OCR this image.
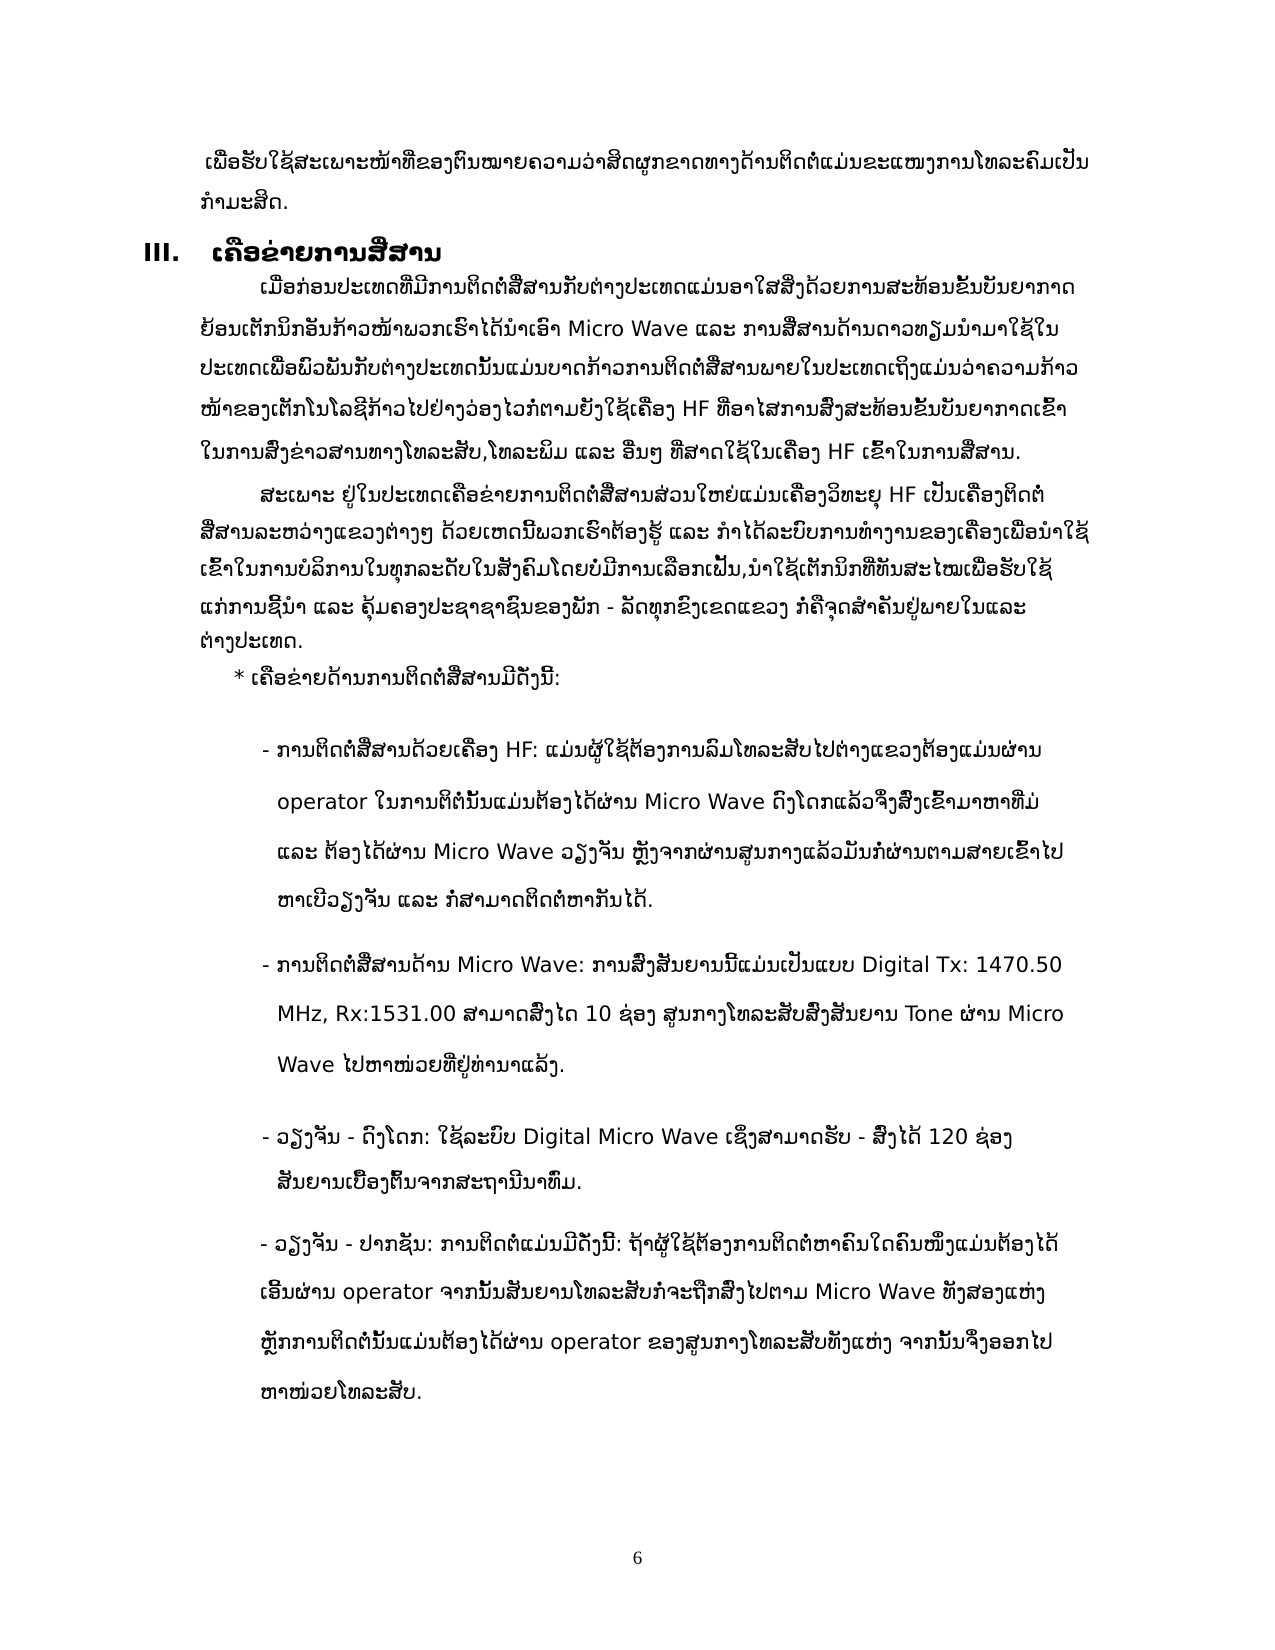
ເພື່ອຮັບໃຊ້ສະເພາະໜ້າທີ່ຂອງຕົນໝາຍຄວາມວ່າສິດຜູກຂາດທາງດ້ານຕິດຕໍ່ແມ່ນຂະແໜງການໂທລະຄົມເປັນ
ກຳມະສິດ.
III. ເຄືອຂ່າຍການສື່ສານ
ເມື່ອກ່ອນປະເທດທີ່ມີການຕິດຕໍ່ສື່ສານກັບຕ່າງປະເທດແມ່ນອາໃສສິ່ງດ້ວຍການສະທ້ອນຂັ້ນບັນຍາກາດ
ຍ້ອນເຕັກນິກອັນກ້າວໜ້າພວກເຮົາໄດ້ນຳເອົາ Micro Wave ແລະ ການສື່ສານດ້ານດາວທຽມນຳມາໃຊ້ໃນ
ປະເທດເພື່ອພົວພັນກັບຕ່າງປະເທດນັ້ນແມ່ນບາດກ້າວການຕິດຕໍ່ສື່ສານພາຍໃນປະເທດເຖິງແມ່ນວ່າຄວາມກ້າວ
ໜ້າຂອງເຕັກໂນໂລຊີກ້າວໄປຢ່າງວ່ອງໄວກໍ່ຕາມຍັງໃຊ້ເຄື່ອງ HF ທີ່ອາໄສການສົ່ງສະທ້ອນຂັ້ນບັນຍາກາດເຂົ້າ
ໃນການສົ່ງຂ່າວສານທາງໂທລະສັບ,ໂທລະພິມ ແລະ ອື່ນໆ ທີ່ສາດໃຊ້ໃນເຄື່ອງ HF ເຂົ້າໃນການສື່ສານ.
ສະເພາະ ຢູ່ໃນປະເທດເຄືອຂ່າຍການຕິດຕໍ່ສື່ສານສ່ວນໃຫຍ່ແມ່ນເຄື່ອງວິທະຍຸ HF ເປັນເຄື່ອງຕິດຕໍ່
ສື່ສານລະຫວ່າງແຂວງຕ່າງໆ ດ້ວຍເຫດນີ້ພວກເຮົາຕ້ອງຮູ້ ແລະ ກຳໄດ້ລະບົບການທຳງານຂອງເຄື່ອງເພື່ອນຳໃຊ້
ເຂົ້າໃນການບໍລິການໃນທຸກລະດັບໃນສັງຄົມໂດຍບໍ່ມີການເລືອກເຟັ້ນ,ນຳໃຊ້ເຕັກນິກທີ່ທັນສະໄໝເພື່ອຮັບໃຊ້
ແກ່ການຊີ້ນຳ ແລະ ຄຸ້ມຄອງປະຊາຊາຊົນຂອງພັກ - ລັດທຸກຂົງເຂດແຂວງ ກໍ່ຄືຈຸດສຳຄັນຢູ່ພາຍໃນແລະ
ຕ່າງປະເທດ.
* ເຄືອຂ່າຍດ້ານການຕິດຕໍ່ສື່ສານມີດັ່ງນີ້:
- ການຕິດຕໍ່ສື່ສານດ້ວຍເຄື່ອງ HF: ແມ່ນຜູ້ໃຊ້ຕ້ອງການລົມໂທລະສັບໄປຕ່າງແຂວງຕ້ອງແມ່ນຜ່ານ
operator ໃນການຕິຕໍ່ນັ້ນແມ່ນຕ້ອງໄດ້ຜ່ານ Micro Wave ດົງໂດກແລ້ວຈຶ່ງສົ່ງເຂົ້າມາຫາທີ່ມ່
ແລະ ຕ້ອງໄດ້ຜ່ານ Micro Wave ວຽງຈັນ ຫຼັງຈາກຜ່ານສູນກາງແລ້ວມັນກໍ່ຜ່ານຕາມສາຍເຂົ້າໄປ
ຫາເບີວຽງຈັນ ແລະ ກໍ່ສາມາດຕິດຕໍ່ຫາກັນໄດ້.
- ການຕິດຕໍ່ສື່ສານດ້ານ Micro Wave: ການສົ່ງສັນຍານນີ້ແມ່ນເປັນແບບ Digital Tx: 1470.50
MHz, Rx:1531.00 ສາມາດສົ່ງໄດ 10 ຊ່ອງ ສູນກາງໂທລະສັບສົ່ງສັນຍານ Tone ຜ່ານ Micro
Wave ໄປຫາໜ່ວຍທີ່ຢູ່ທ່ານາແລ້ງ.
- ວຽງຈັນ - ດົງໂດກ: ໃຊ້ລະບົບ Digital Micro Wave ເຊິ່ງສາມາດຮັບ - ສົ່ງໄດ້ 120 ຊ່ອງ
ສັນຍານເບື້ອງຕົ້ນຈາກສະຖານີນາທົ່ມ.
- ວຽງຈັນ - ປາກຊັນ: ການຕິດຕໍ່ແມ່ນມີດັ່ງນີ້: ຖ້າຜູ້ໃຊ້ຕ້ອງການຕິດຕໍ່ຫາຄົນໃດຄົນໜຶ່ງແມ່ນຕ້ອງໄດ້
ເອີ້ນຜ່ານ operator ຈາກນັ້ນສັນຍານໂທລະສັບກໍ່ຈະຖືກສົ່ງໄປຕາມ Micro Wave ທັງສອງແຫ່ງ
ຫຼັກການຕິດຕໍ່ນັ້ນແມ່ນຕ້ອງໄດ້ຜ່ານ operator ຂອງສູນກາງໂທລະສັບທັງແຫ່ງ ຈາກນັ້ນຈຶ່ງອອກໄປ
ຫາໜ່ວຍໂທລະສັບ.
6
